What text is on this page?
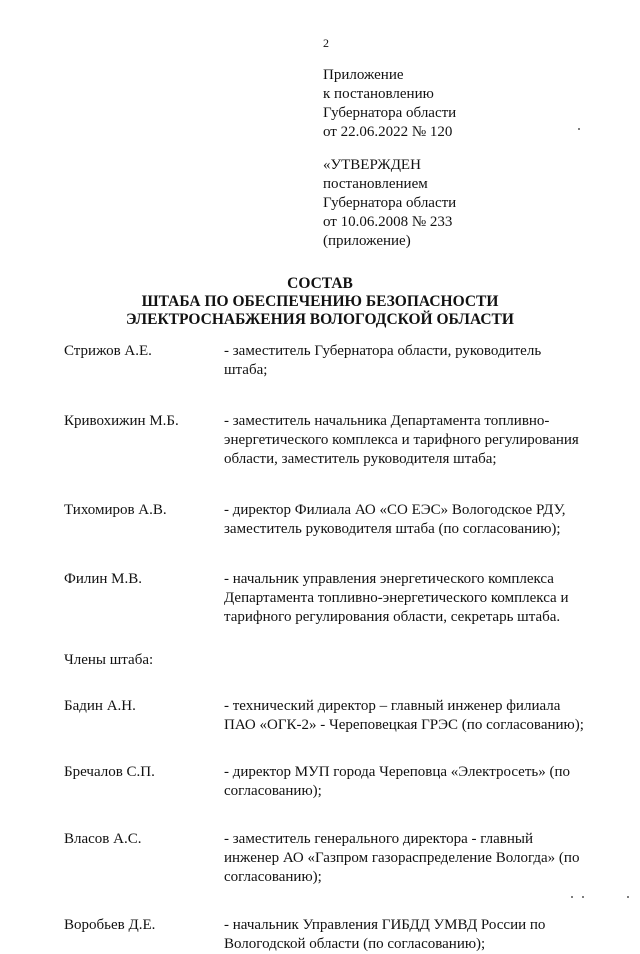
2
Приложение
к постановлению
Губернатора области
от 22.06.2022 № 120
«УТВЕРЖДЕН
постановлением
Губернатора области
от 10.06.2008 № 233
(приложение)
СОСТАВ
ШТАБА ПО ОБЕСПЕЧЕНИЮ БЕЗОПАСНОСТИ
ЭЛЕКТРОСНАБЖЕНИЯ ВОЛОГОДСКОЙ ОБЛАСТИ
Стрижов А.Е.	- заместитель Губернатора области, руководитель
штаба;
Кривохижин М.Б.	- заместитель начальника Департамента топливно-
энергетического комплекса и тарифного регулирования
области, заместитель руководителя штаба;
Тихомиров А.В.	- директор Филиала АО «СО ЕЭС» Вологодское РДУ,
заместитель руководителя штаба (по согласованию);
Филин М.В.	- начальник управления энергетического комплекса
Департамента топливно-энергетического комплекса и
тарифного регулирования области, секретарь штаба.
Члены штаба:
Бадин А.Н.	- технический директор – главный инженер филиала
ПАО «ОГК-2» - Череповецкая ГРЭС (по согласованию);
Бречалов С.П.	- директор МУП города Череповца «Электросеть» (по
согласованию);
Власов А.С.	- заместитель генерального директора - главный
инженер АО «Газпром газораспределение Вологда» (по
согласованию);
Воробьев Д.Е.	- начальник Управления ГИБДД УМВД России по
Вологодской области (по согласованию);
